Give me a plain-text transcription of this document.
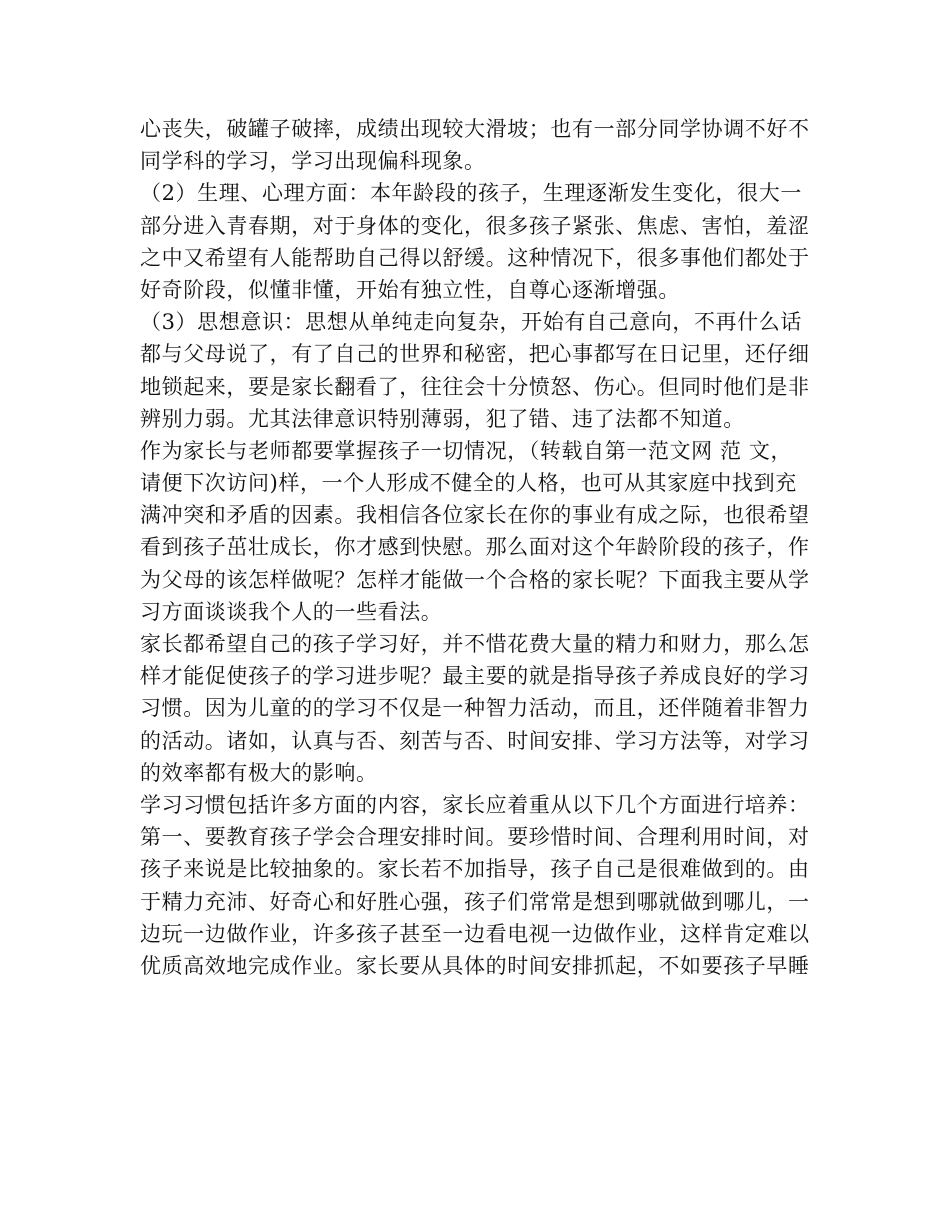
心丧失，破罐子破摔，成绩出现较大滑坡；也有一部分同学协调不好不
同学科的学习，学习出现偏科现象。
（2）生理、心理方面：本年龄段的孩子，生理逐渐发生变化，很大一
部分进入青春期，对于身体的变化，很多孩子紧张、焦虑、害怕，羞涩
之中又希望有人能帮助自己得以舒缓。这种情况下，很多事他们都处于
好奇阶段，似懂非懂，开始有独立性，自尊心逐渐增强。
（3）思想意识：思想从单纯走向复杂，开始有自己意向，不再什么话
都与父母说了，有了自己的世界和秘密，把心事都写在日记里，还仔细
地锁起来，要是家长翻看了，往往会十分愤怒、伤心。但同时他们是非
辨别力弱。尤其法律意识特别薄弱，犯了错、违了法都不知道。
作为家长与老师都要掌握孩子一切情况，（转载自第一范文网 范 文，
请便下次访问)样，一个人形成不健全的人格，也可从其家庭中找到充
满冲突和矛盾的因素。我相信各位家长在你的事业有成之际，也很希望
看到孩子茁壮成长，你才感到快慰。那么面对这个年龄阶段的孩子，作
为父母的该怎样做呢？怎样才能做一个合格的家长呢？下面我主要从学
习方面谈谈我个人的一些看法。
家长都希望自己的孩子学习好，并不惜花费大量的精力和财力，那么怎
样才能促使孩子的学习进步呢？最主要的就是指导孩子养成良好的学习
习惯。因为儿童的的学习不仅是一种智力活动，而且，还伴随着非智力
的活动。诸如，认真与否、刻苦与否、时间安排、学习方法等，对学习
的效率都有极大的影响。
学习习惯包括许多方面的内容，家长应着重从以下几个方面进行培养：
第一、要教育孩子学会合理安排时间。要珍惜时间、合理利用时间，对
孩子来说是比较抽象的。家长若不加指导，孩子自己是很难做到的。由
于精力充沛、好奇心和好胜心强，孩子们常常是想到哪就做到哪儿，一
边玩一边做作业，许多孩子甚至一边看电视一边做作业，这样肯定难以
优质高效地完成作业。家长要从具体的时间安排抓起，不如要孩子早睡
